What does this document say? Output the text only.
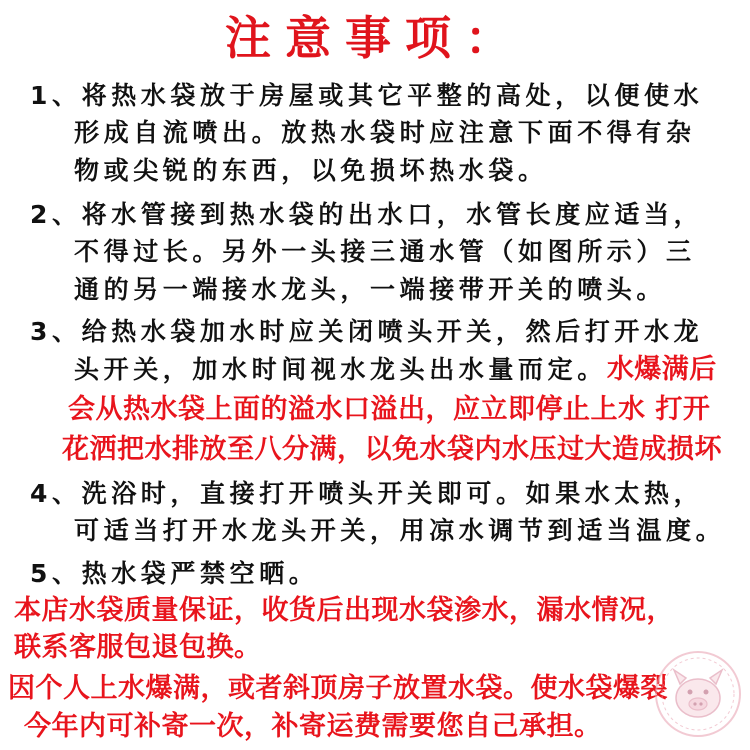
注意事项：
1、将热水袋放于房屋或其它平整的高处，以便使水
形成自流喷出。放热水袋时应注意下面不得有杂
物或尖锐的东西，以免损坏热水袋。
2、将水管接到热水袋的出水口，水管长度应适当，
不得过长。另外一头接三通水管（如图所示）三
通的另一端接水龙头，一端接带开关的喷头。
3、给热水袋加水时应关闭喷头开关，然后打开水龙
头开关，加水时间视水龙头出水量而定。水爆满后
会从热水袋上面的溢水口溢出，应立即停止上水 打开
花洒把水排放至八分满，以免水袋内水压过大造成损坏
4、洗浴时，直接打开喷头开关即可。如果水太热，
可适当打开水龙头开关，用凉水调节到适当温度。
5、热水袋严禁空晒。
本店水袋质量保证，收货后出现水袋渗水，漏水情况，
联系客服包退包换。
因个人上水爆满，或者斜顶房子放置水袋。使水袋爆裂
今年内可补寄一次，补寄运费需要您自己承担。
